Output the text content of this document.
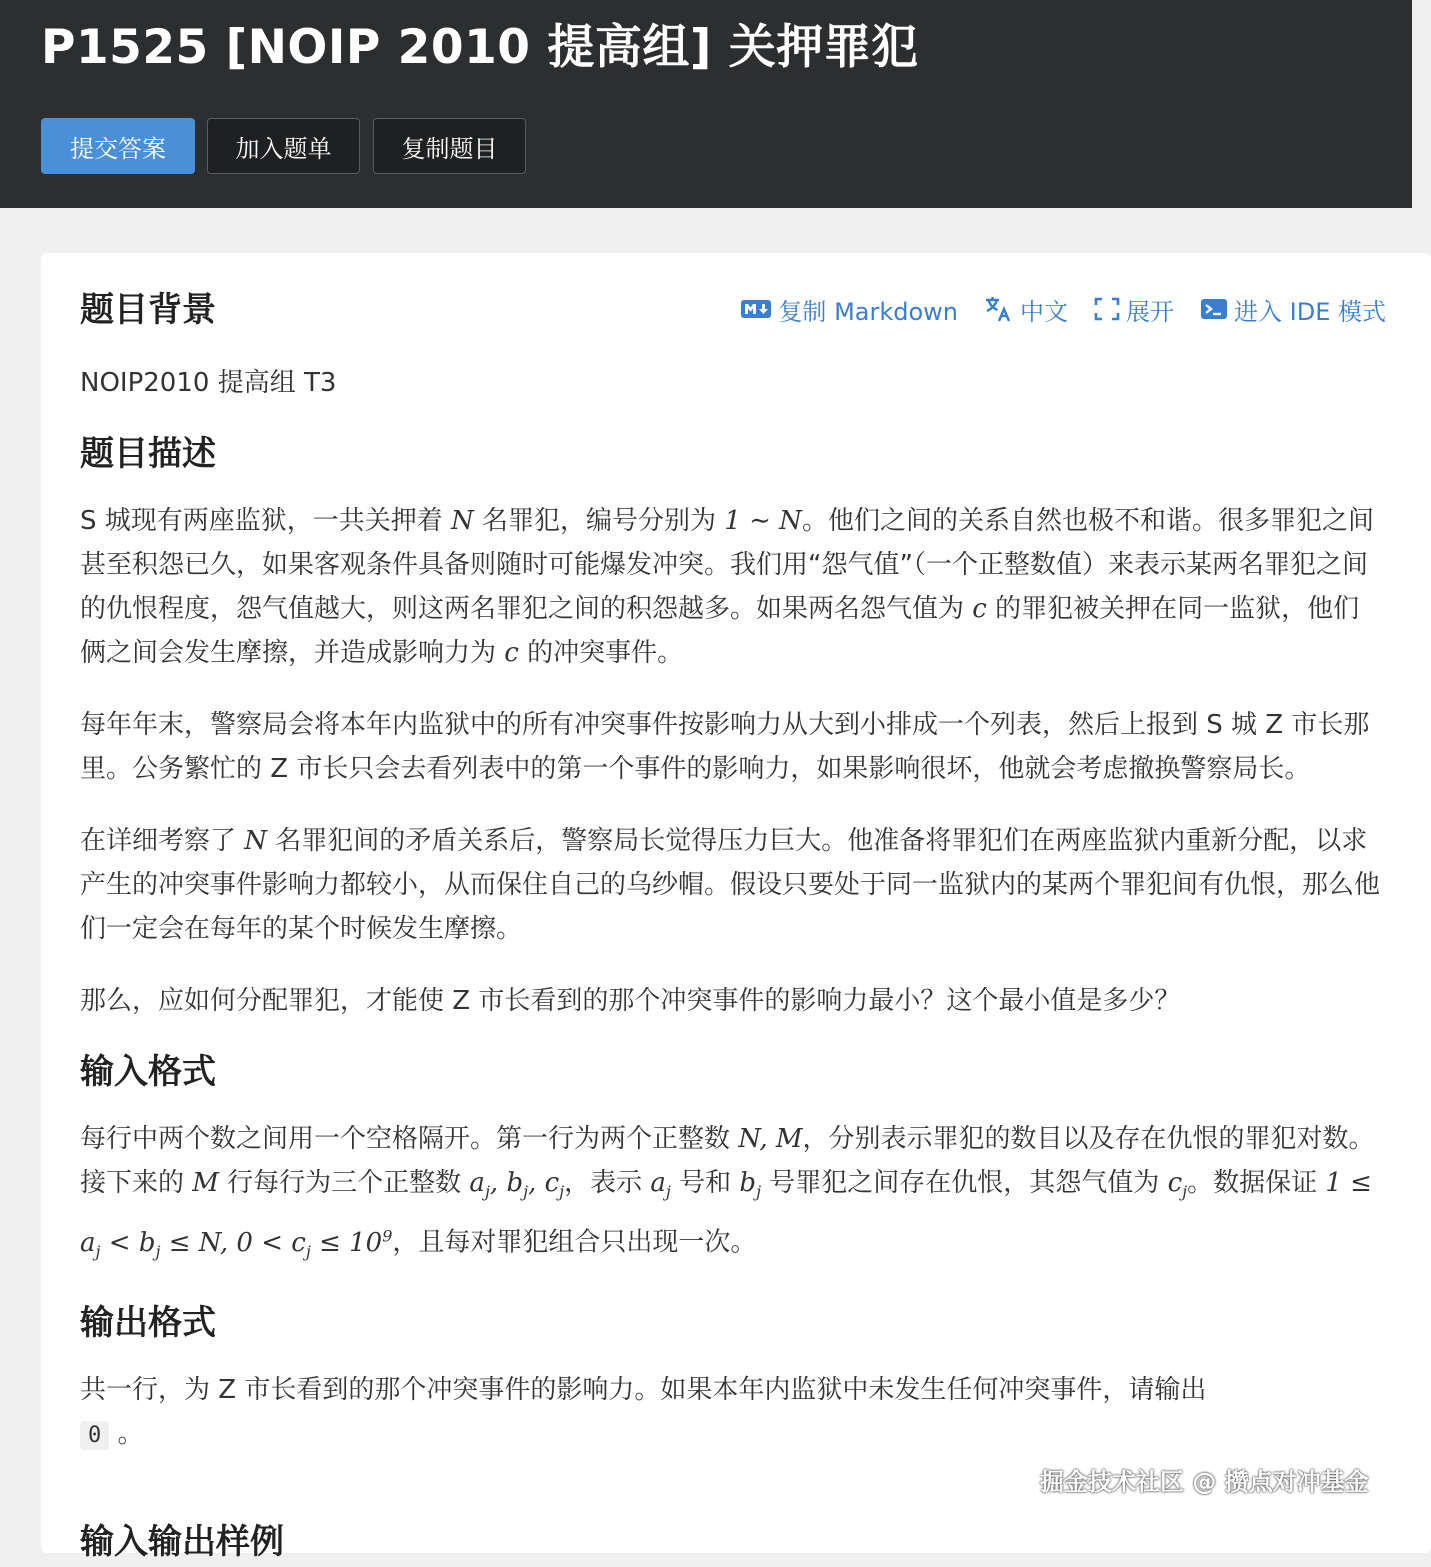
P1525 [NOIP 2010 提高组] 关押罪犯
提交答案	加入题单	复制题目
复制 Markdown	中文 展开	进入 IDE 模式
题目背景
NOIP2010 提高组 T3
题目描述
S 城现有两座监狱，一共关押着 N 名罪犯，编号分别为 1 ∼ N。他们之间的关系自然也极不和谐。很多罪犯之间甚至积怨已久，如果客观条件具备则随时可能爆发冲突。我们用“怨气值”（一个正整数值）来表示某两名罪犯之间的仇恨程度，怨气值越大，则这两名罪犯之间的积怨越多。如果两名怨气值为 c 的罪犯被关押在同一监狱，他们俩之间会发生摩擦，并造成影响力为 c 的冲突事件。
每年年末，警察局会将本年内监狱中的所有冲突事件按影响力从大到小排成一个列表，然后上报到 S 城 Z 市长那里。公务繁忙的 Z 市长只会去看列表中的第一个事件的影响力，如果影响很坏，他就会考虑撤换警察局长。
在详细考察了 N 名罪犯间的矛盾关系后，警察局长觉得压力巨大。他准备将罪犯们在两座监狱内重新分配，以求产生的冲突事件影响力都较小，从而保住自己的乌纱帽。假设只要处于同一监狱内的某两个罪犯间有仇恨，那么他们一定会在每年的某个时候发生摩擦。
那么，应如何分配罪犯，才能使 Z 市长看到的那个冲突事件的影响力最小？这个最小值是多少？
输入格式
每行中两个数之间用一个空格隔开。第一行为两个正整数 N, M，分别表示罪犯的数目以及存在仇恨的罪犯对数。接下来的 M 行每行为三个正整数 $a_j$, $b_j$, $c_j$，表示 $a_j$ 号和 $b_j$ 号罪犯之间存在仇恨，其怨气值为 $c_j$。数据保证 $1 \le a_j < b_j \le N$, $0 < c_j \le 10^9$，且每对罪犯组合只出现一次。
输出格式
共一行，为 Z 市长看到的那个冲突事件的影响力。如果本年内监狱中未发生任何冲突事件，请输出
0 。
掘金技术社区 @ 攒点对冲基金
